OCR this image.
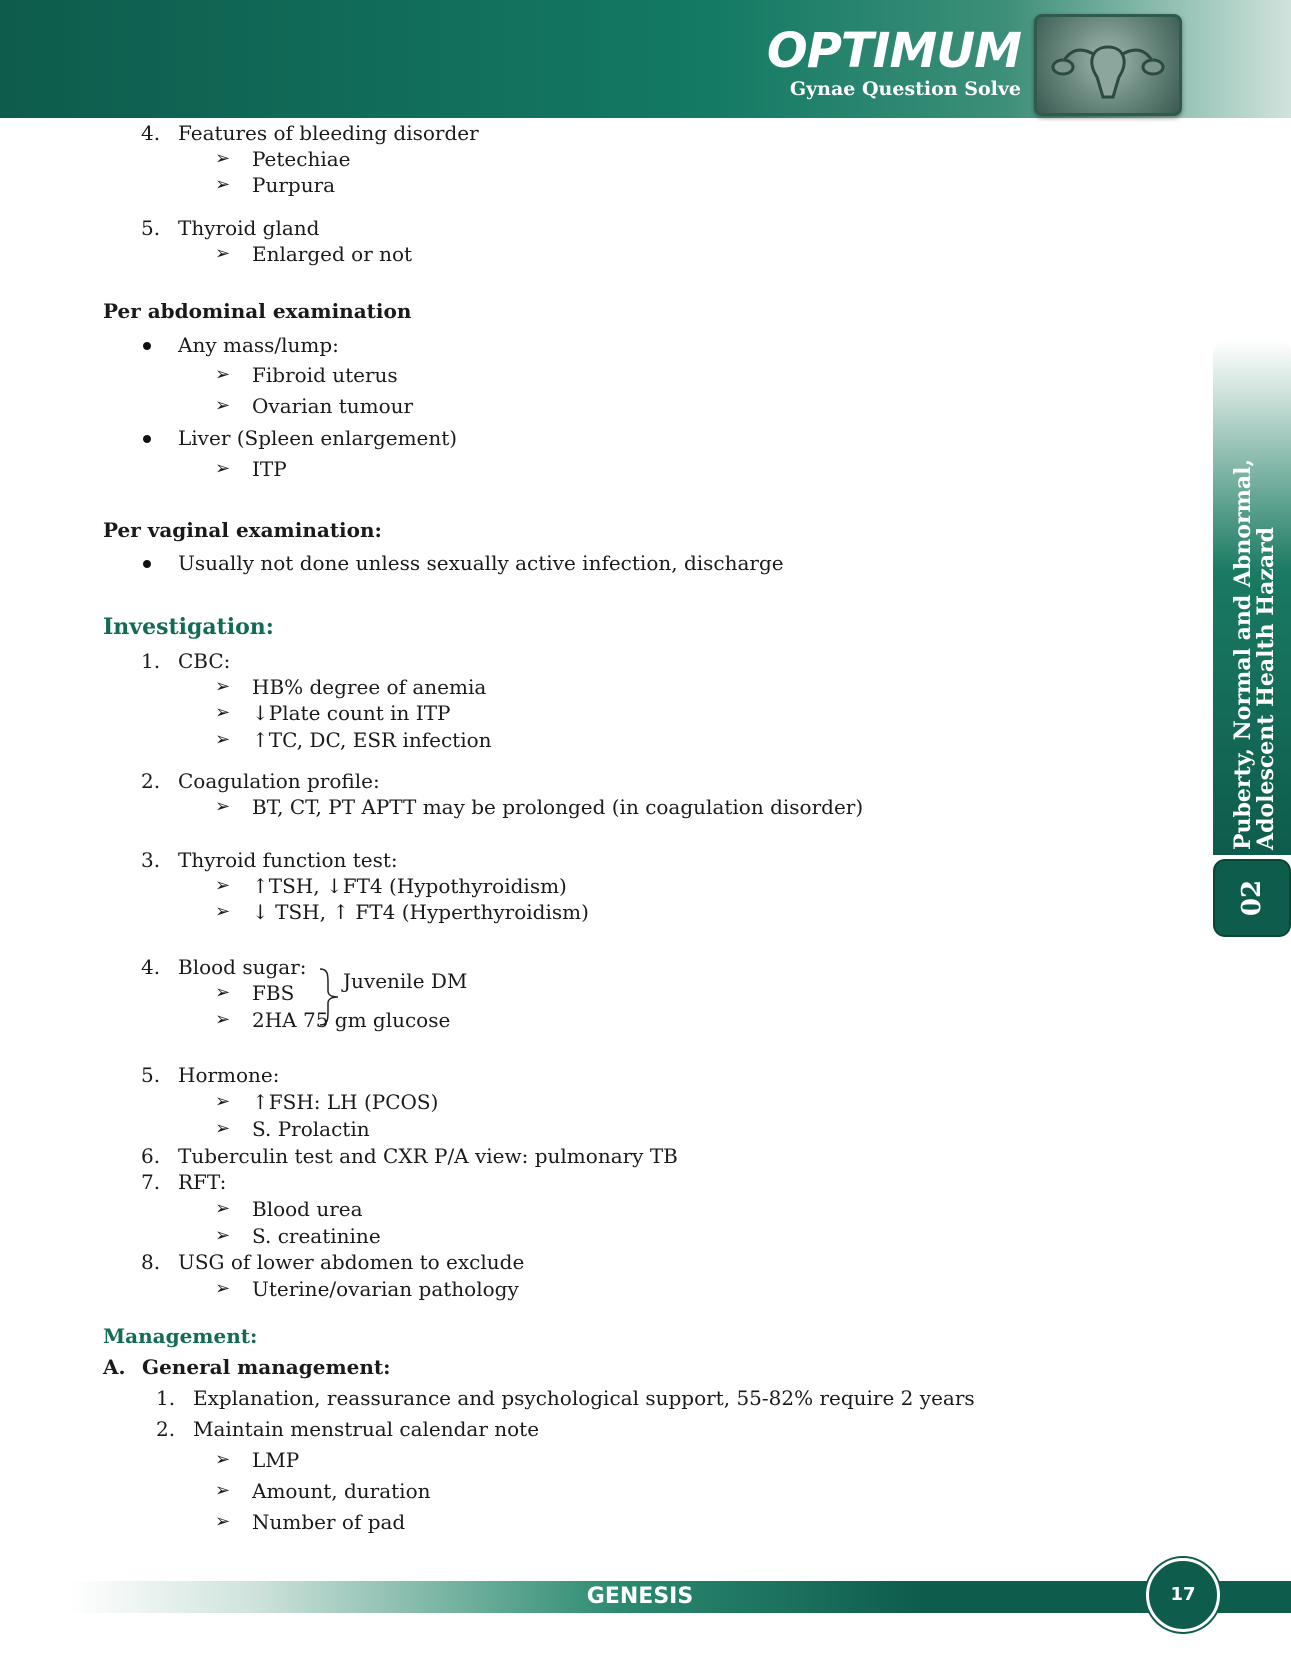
OPTIMUM
Gynae Question Solve
Puberty, Normal and Abnormal,
Adolescent Health Hazard
02
4. Features of bleeding disorder
➢ Petechiae
➢ Purpura
5. Thyroid gland
➢ Enlarged or not
Per abdominal examination
Any mass/lump:
➢ Fibroid uterus
➢ Ovarian tumour
Liver (Spleen enlargement)
➢ ITP
Per vaginal examination:
Usually not done unless sexually active infection, discharge
Investigation:
1. CBC:
➢ HB% degree of anemia
➢ ↓Plate count in ITP
➢ ↑TC, DC, ESR infection
2. Coagulation profile:
➢ BT, CT, PT APTT may be prolonged (in coagulation disorder)
3. Thyroid function test:
➢ ↑TSH, ↓FT4 (Hypothyroidism)
➢ ↓ TSH, ↑ FT4 (Hyperthyroidism)
4. Blood sugar:
➢ FBS Juvenile DM
➢ 2HA 75 gm glucose
5. Hormone:
➢ ↑FSH: LH (PCOS)
➢ S. Prolactin
6. Tuberculin test and CXR P/A view: pulmonary TB
7. RFT:
➢ Blood urea
➢ S. creatinine
8. USG of lower abdomen to exclude
➢ Uterine/ovarian pathology
Management:
A. General management:
1. Explanation, reassurance and psychological support, 55-82% require 2 years
2. Maintain menstrual calendar note
➢ LMP
➢ Amount, duration
➢ Number of pad
GENESIS	17
